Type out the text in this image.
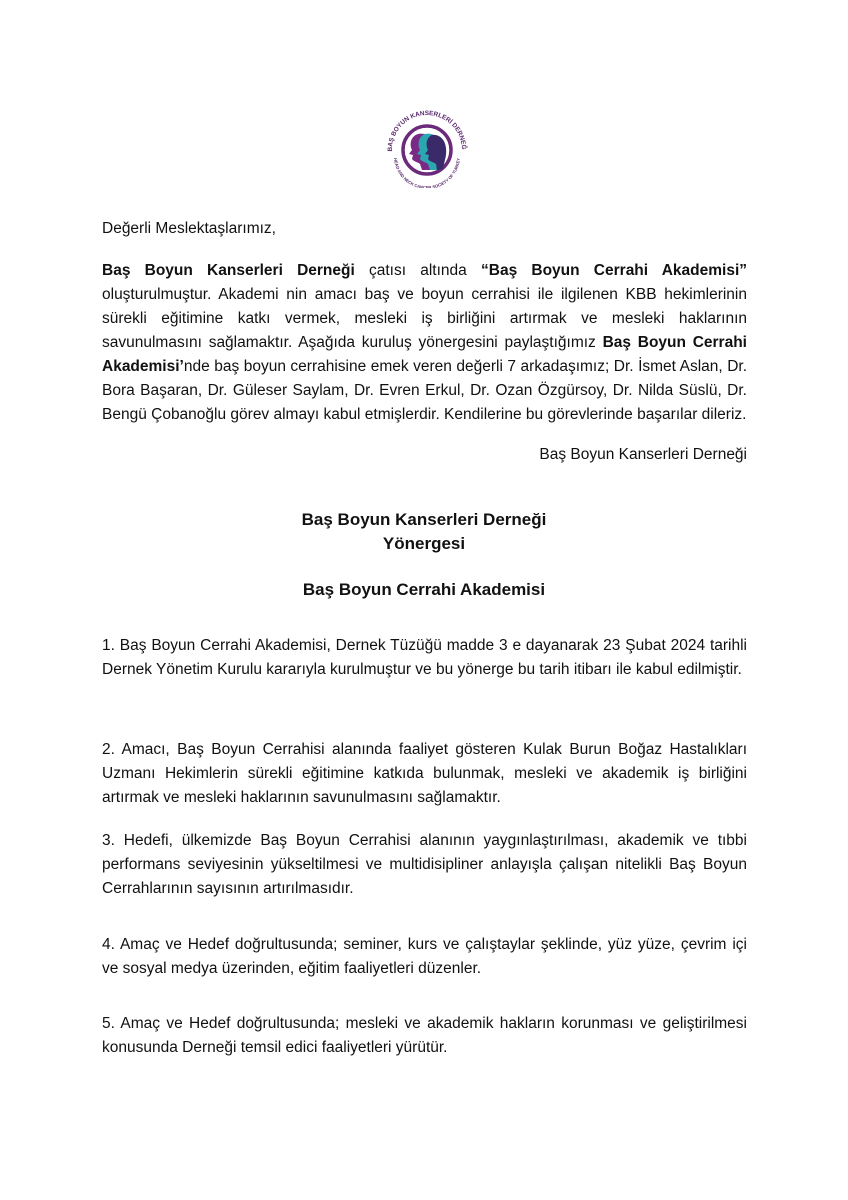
BAŞ BOYUN KANSERLERİ DERNEĞ
HEAD AND NECK CANCER SOCIETY OF TURKEY

Değerli Meslektaşlarımız,

Baş Boyun Kanserleri Derneği çatısı altında “Baş Boyun Cerrahi Akademisi” oluşturulmuştur. Akademi nin amacı baş ve boyun cerrahisi ile ilgilenen KBB hekimlerinin sürekli eğitimine katkı vermek, mesleki iş birliğini artırmak ve mesleki haklarının savunulmasını sağlamaktır. Aşağıda kuruluş yönergesini paylaştığımız Baş Boyun Cerrahi Akademisi’nde baş boyun cerrahisine emek veren değerli 7 arkadaşımız; Dr. İsmet Aslan, Dr. Bora Başaran, Dr. Güleser Saylam, Dr. Evren Erkul, Dr. Ozan Özgürsoy, Dr. Nilda Süslü, Dr. Bengü Çobanoğlu görev almayı kabul etmişlerdir. Kendilerine bu görevlerinde başarılar dileriz.

Baş Boyun Kanserleri Derneği

Baş Boyun Kanserleri Derneği

Yönergesi

Baş Boyun Cerrahi Akademisi

1. Baş Boyun Cerrahi Akademisi, Dernek Tüzüğü madde 3 e dayanarak 23 Şubat 2024 tarihli Dernek Yönetim Kurulu kararıyla kurulmuştur ve bu yönerge bu tarih itibarı ile kabul edilmiştir.

2. Amacı, Baş Boyun Cerrahisi alanında faaliyet gösteren Kulak Burun Boğaz Hastalıkları Uzmanı Hekimlerin sürekli eğitimine katkıda bulunmak, mesleki ve akademik iş birliğini artırmak ve mesleki haklarının savunulmasını sağlamaktır.

3. Hedefi, ülkemizde Baş Boyun Cerrahisi alanının yaygınlaştırılması, akademik ve tıbbi performans seviyesinin yükseltilmesi ve multidisipliner anlayışla çalışan nitelikli Baş Boyun Cerrahlarının sayısının artırılmasıdır.

4. Amaç ve Hedef doğrultusunda; seminer, kurs ve çalıştaylar şeklinde, yüz yüze, çevrim içi ve sosyal medya üzerinden, eğitim faaliyetleri düzenler.

5. Amaç ve Hedef doğrultusunda; mesleki ve akademik hakların korunması ve geliştirilmesi konusunda Derneği temsil edici faaliyetleri yürütür.
